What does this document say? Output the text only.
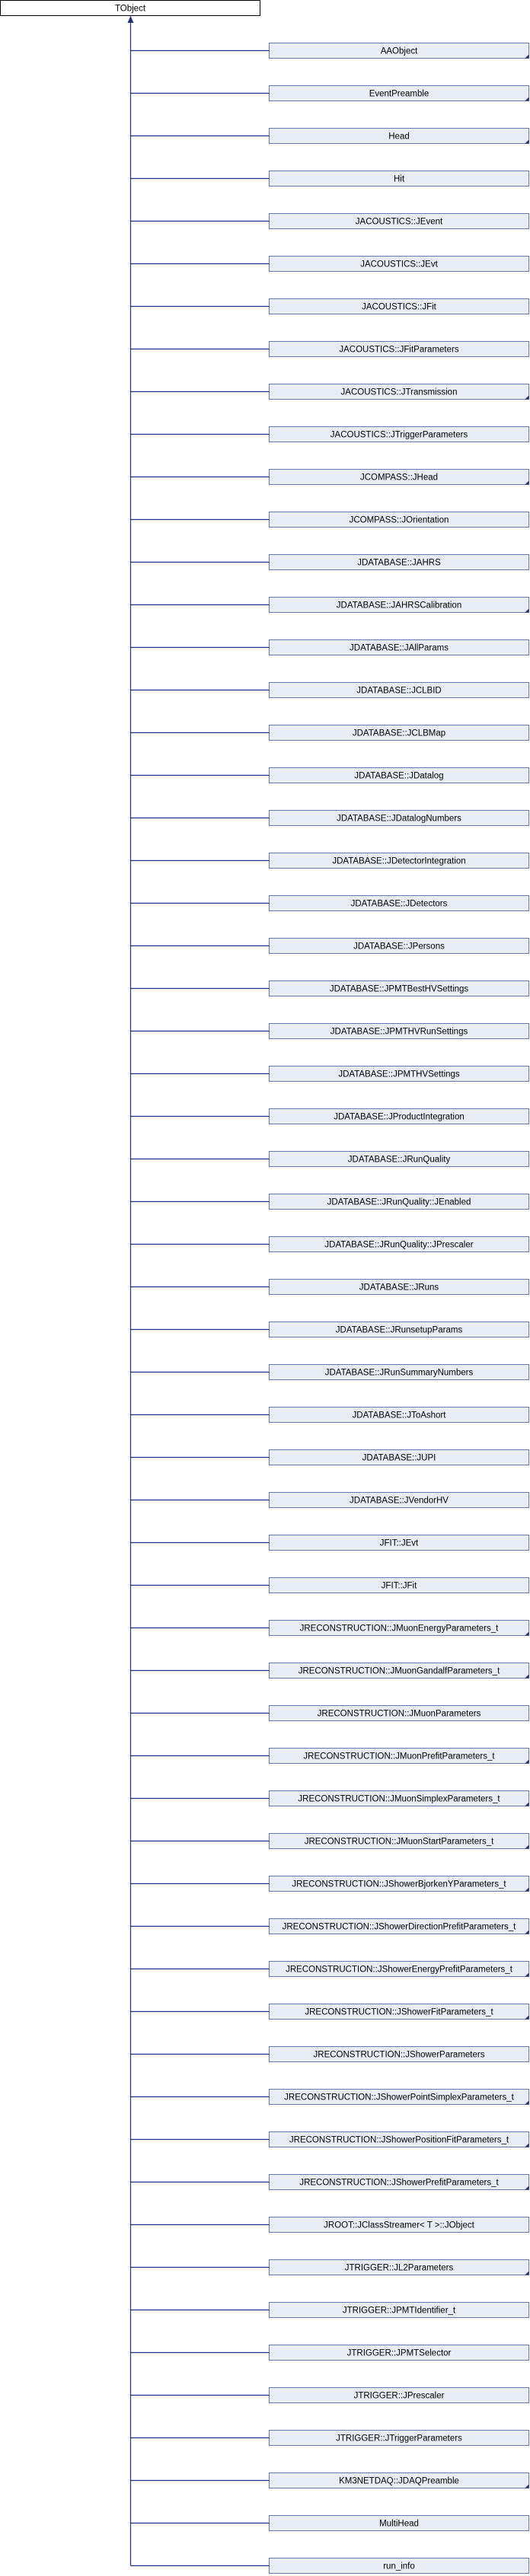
TObject
AAObject
EventPreamble
Head
Hit
JACOUSTICS::JEvent
JACOUSTICS::JEvt
JACOUSTICS::JFit
JACOUSTICS::JFitParameters
JACOUSTICS::JTransmission
JACOUSTICS::JTriggerParameters
JCOMPASS::JHead
JCOMPASS::JOrientation
JDATABASE::JAHRS
JDATABASE::JAHRSCalibration
JDATABASE::JAllParams
JDATABASE::JCLBID
JDATABASE::JCLBMap
JDATABASE::JDatalog
JDATABASE::JDatalogNumbers
JDATABASE::JDetectorIntegration
JDATABASE::JDetectors
JDATABASE::JPersons
JDATABASE::JPMTBestHVSettings
JDATABASE::JPMTHVRunSettings
JDATABASE::JPMTHVSettings
JDATABASE::JProductIntegration
JDATABASE::JRunQuality
JDATABASE::JRunQuality::JEnabled
JDATABASE::JRunQuality::JPrescaler
JDATABASE::JRuns
JDATABASE::JRunsetupParams
JDATABASE::JRunSummaryNumbers
JDATABASE::JToAshort
JDATABASE::JUPI
JDATABASE::JVendorHV
JFIT::JEvt
JFIT::JFit
JRECONSTRUCTION::JMuonEnergyParameters_t
JRECONSTRUCTION::JMuonGandalfParameters_t
JRECONSTRUCTION::JMuonParameters
JRECONSTRUCTION::JMuonPrefitParameters_t
JRECONSTRUCTION::JMuonSimplexParameters_t
JRECONSTRUCTION::JMuonStartParameters_t
JRECONSTRUCTION::JShowerBjorkenYParameters_t
JRECONSTRUCTION::JShowerDirectionPrefitParameters_t
JRECONSTRUCTION::JShowerEnergyPrefitParameters_t
JRECONSTRUCTION::JShowerFitParameters_t
JRECONSTRUCTION::JShowerParameters
JRECONSTRUCTION::JShowerPointSimplexParameters_t
JRECONSTRUCTION::JShowerPositionFitParameters_t
JRECONSTRUCTION::JShowerPrefitParameters_t
JROOT::JClassStreamer< T >::JObject
JTRIGGER::JL2Parameters
JTRIGGER::JPMTIdentifier_t
JTRIGGER::JPMTSelector
JTRIGGER::JPrescaler
JTRIGGER::JTriggerParameters
KM3NETDAQ::JDAQPreamble
MultiHead
run_info
